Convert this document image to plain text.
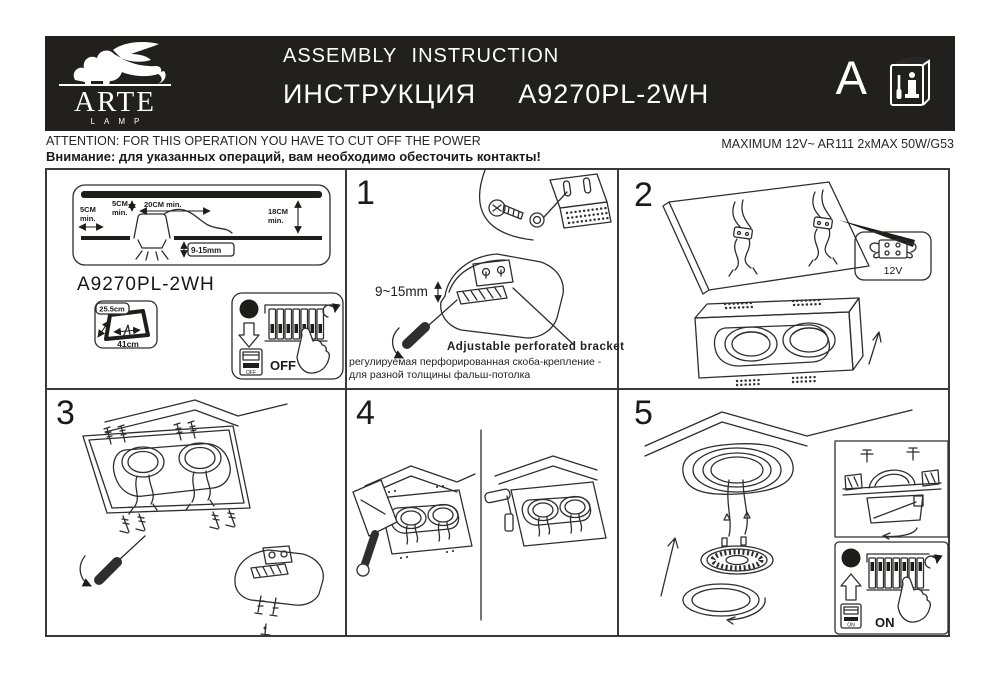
ARTE
LAMP
ASSEMBLY INSTRUCTION
ИНСТРУКЦИЯ A9270PL-2WH	A
ATTENTION: FOR THIS OPERATION YOU HAVE TO CUT OFF THE POWER
Внимание: для указанных операций, вам необходимо обесточить контакты!
MAXIMUM 12V~ AR111 2xMAX 50W/G53
1	2
3	4	5
5CM
min.
5CM
min.
20CM min.
18CM
min.
9-15mm
25.5cm
41cm
A	OFF
OFF OFF
A9270PL-2WH	9~15mm
Adjustable perforated bracket
регулируемая перфорированная скоба-крепление - для разной толщины фальш-потолка
12V
B	ON
ON ON
